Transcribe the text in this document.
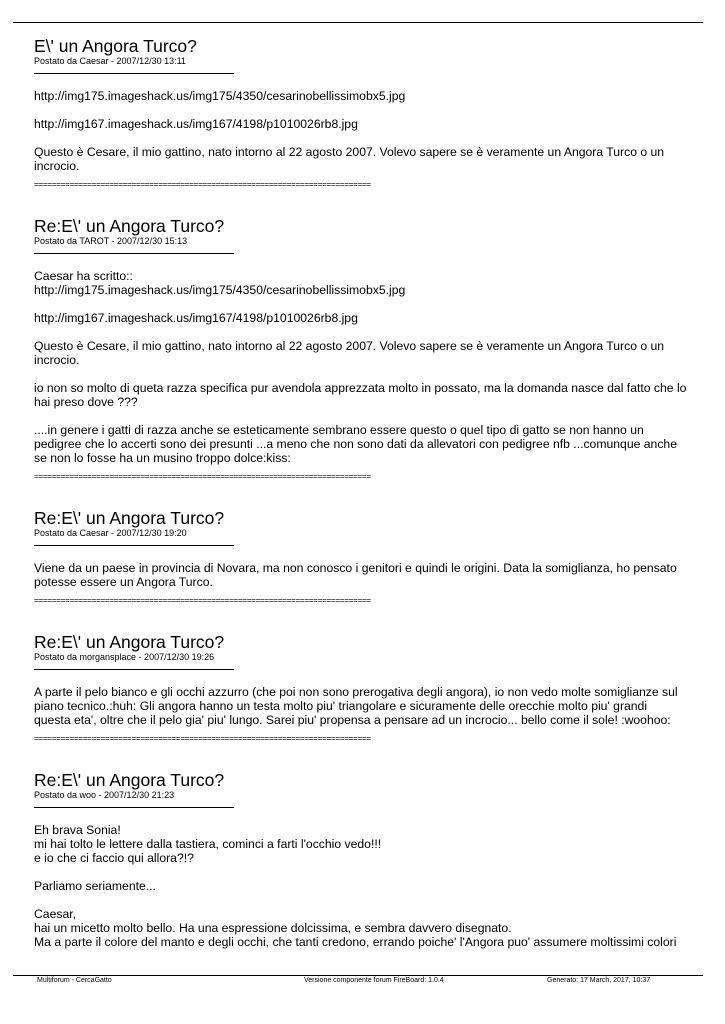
E\' un Angora Turco?
Postato da Caesar - 2007/12/30 13:11

http://img175.imageshack.us/img175/4350/cesarinobellissimobx5.jpg

http://img167.imageshack.us/img167/4198/p1010026rb8.jpg

Questo è Cesare, il mio gattino, nato intorno al 22 agosto 2007. Volevo sapere se è veramente un Angora Turco o un
incrocio.

============================================================================
Re:E\' un Angora Turco?
Postato da TAROT - 2007/12/30 15:13

Caesar ha scritto::
http://img175.imageshack.us/img175/4350/cesarinobellissimobx5.jpg

http://img167.imageshack.us/img167/4198/p1010026rb8.jpg

Questo è Cesare, il mio gattino, nato intorno al 22 agosto 2007. Volevo sapere se è veramente un Angora Turco o un
incrocio.

io non so molto di queta razza specifica pur avendola apprezzata molto in possato, ma la domanda nasce dal fatto che lo
hai preso dove ???

....in genere i gatti di razza anche se esteticamente sembrano essere questo o quel tipo di gatto se non hanno un
pedigree che lo accerti sono dei presunti ...a meno che non sono dati da allevatori con pedigree nfb ...comunque anche
se non lo fosse ha un musino troppo dolce:kiss:

============================================================================
Re:E\' un Angora Turco?
Postato da Caesar - 2007/12/30 19:20

Viene da un paese in provincia di Novara, ma non conosco i genitori e quindi le origini. Data la somiglianza, ho pensato
potesse essere un Angora Turco.

============================================================================
Re:E\' un Angora Turco?
Postato da morgansplace - 2007/12/30 19:26

A parte il pelo bianco e gli occhi azzurro (che poi non sono prerogativa degli angora), io non vedo molte somiglianze sul
piano tecnico.:huh: Gli angora hanno un testa molto piu' triangolare e sicuramente delle orecchie molto piu' grandi
questa eta', oltre che il pelo gia' piu' lungo. Sarei piu' propensa a pensare ad un incrocio... bello come il sole! :woohoo:

============================================================================
Re:E\' un Angora Turco?
Postato da woo - 2007/12/30 21:23

Eh brava Sonia!
mi hai tolto le lettere dalla tastiera, cominci a farti l'occhio vedo!!!
e io che ci faccio qui allora?!?

Parliamo seriamente...

Caesar,
hai un micetto molto bello. Ha una espressione dolcissima, e sembra davvero disegnato.
Ma a parte il colore del manto e degli occhi, che tanti credono, errando poiche' l'Angora puo' assumere moltissimi colori

Multiforum - CercaGatto	Versione componente forum FireBoard: 1.0.4	Generato: 17 March, 2017, 10:37
